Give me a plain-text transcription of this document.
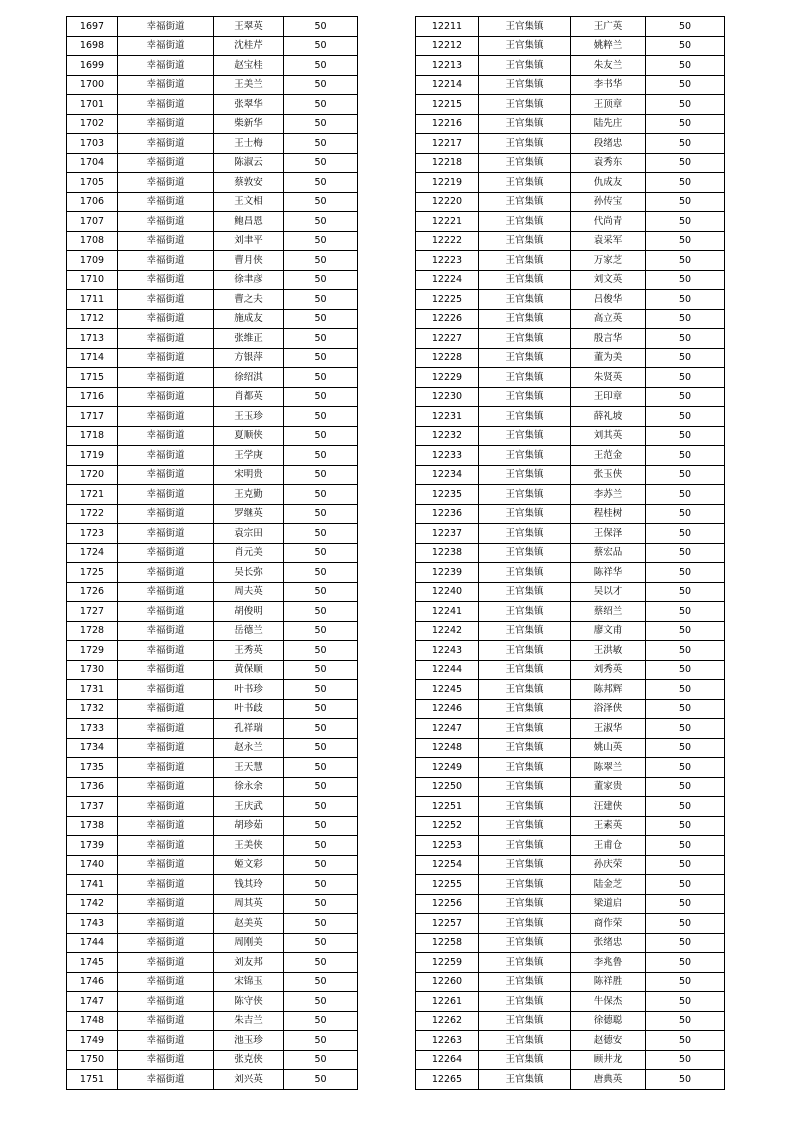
1697	幸福街道	王翠英	50
1698	幸福街道	沈桂芹	50
1699	幸福街道	赵宝桂	50
1700	幸福街道	王美兰	50
1701	幸福街道	张翠华	50
1702	幸福街道	柴新华	50
1703	幸福街道	王士梅	50
1704	幸福街道	陈淑云	50
1705	幸福街道	蔡敦安	50
1706	幸福街道	王文相	50
1707	幸福街道	鲍昌恩	50
1708	幸福街道	刘聿平	50
1709	幸福街道	曹月侠	50
1710	幸福街道	徐聿彦	50
1711	幸福街道	曹之夫	50
1712	幸福街道	施成友	50
1713	幸福街道	张维正	50
1714	幸福街道	方银萍	50
1715	幸福街道	徐绍淇	50
1716	幸福街道	肖都英	50
1717	幸福街道	王玉珍	50
1718	幸福街道	夏顺侠	50
1719	幸福街道	王学庚	50
1720	幸福街道	宋明贵	50
1721	幸福街道	王克勤	50
1722	幸福街道	罗继英	50
1723	幸福街道	袁宗田	50
1724	幸福街道	肖元美	50
1725	幸福街道	吴长弥	50
1726	幸福街道	周夫英	50
1727	幸福街道	胡俊明	50
1728	幸福街道	岳德兰	50
1729	幸福街道	王秀英	50
1730	幸福街道	黄保顺	50
1731	幸福街道	叶书珍	50
1732	幸福街道	叶书歧	50
1733	幸福街道	孔祥瑞	50
1734	幸福街道	赵永兰	50
1735	幸福街道	王天慧	50
1736	幸福街道	徐永余	50
1737	幸福街道	王庆武	50
1738	幸福街道	胡珍茹	50
1739	幸福街道	王美侠	50
1740	幸福街道	姬文彩	50
1741	幸福街道	钱其玲	50
1742	幸福街道	周其英	50
1743	幸福街道	赵美英	50
1744	幸福街道	周刚美	50
1745	幸福街道	刘友邦	50
1746	幸福街道	宋锦玉	50
1747	幸福街道	陈守侠	50
1748	幸福街道	朱吉兰	50
1749	幸福街道	池玉珍	50
1750	幸福街道	张克侠	50
1751	幸福街道	刘兴英	50
12211	王官集镇	王广英	50
12212	王官集镇	姚粹兰	50
12213	王官集镇	朱友兰	50
12214	王官集镇	李书华	50
12215	王官集镇	王顶章	50
12216	王官集镇	陆先庄	50
12217	王官集镇	段绪忠	50
12218	王官集镇	袁秀东	50
12219	王官集镇	仇成友	50
12220	王官集镇	孙传宝	50
12221	王官集镇	代尚青	50
12222	王官集镇	袁采军	50
12223	王官集镇	万家芝	50
12224	王官集镇	刘文英	50
12225	王官集镇	吕俊华	50
12226	王官集镇	高立英	50
12227	王官集镇	殷言华	50
12228	王官集镇	董为美	50
12229	王官集镇	朱贤英	50
12230	王官集镇	王印章	50
12231	王官集镇	薛礼坡	50
12232	王官集镇	刘其英	50
12233	王官集镇	王范金	50
12234	王官集镇	张玉侠	50
12235	王官集镇	李苏兰	50
12236	王官集镇	程桂树	50
12237	王官集镇	王保泽	50
12238	王官集镇	蔡宏品	50
12239	王官集镇	陈祥华	50
12240	王官集镇	吴以才	50
12241	王官集镇	蔡绍兰	50
12242	王官集镇	廖文甫	50
12243	王官集镇	王洪敏	50
12244	王官集镇	刘秀英	50
12245	王官集镇	陈邦辉	50
12246	王官集镇	浴泽侠	50
12247	王官集镇	王淑华	50
12248	王官集镇	姚山英	50
12249	王官集镇	陈翠兰	50
12250	王官集镇	董家贵	50
12251	王官集镇	汪建侠	50
12252	王官集镇	王素英	50
12253	王官集镇	王甫仓	50
12254	王官集镇	孙庆荣	50
12255	王官集镇	陆金芝	50
12256	王官集镇	梁道启	50
12257	王官集镇	商作荣	50
12258	王官集镇	张绪忠	50
12259	王官集镇	李兆鲁	50
12260	王官集镇	陈祥胜	50
12261	王官集镇	牛保杰	50
12262	王官集镇	徐德聪	50
12263	王官集镇	赵德安	50
12264	王官集镇	顾井龙	50
12265	王官集镇	唐典英	50
